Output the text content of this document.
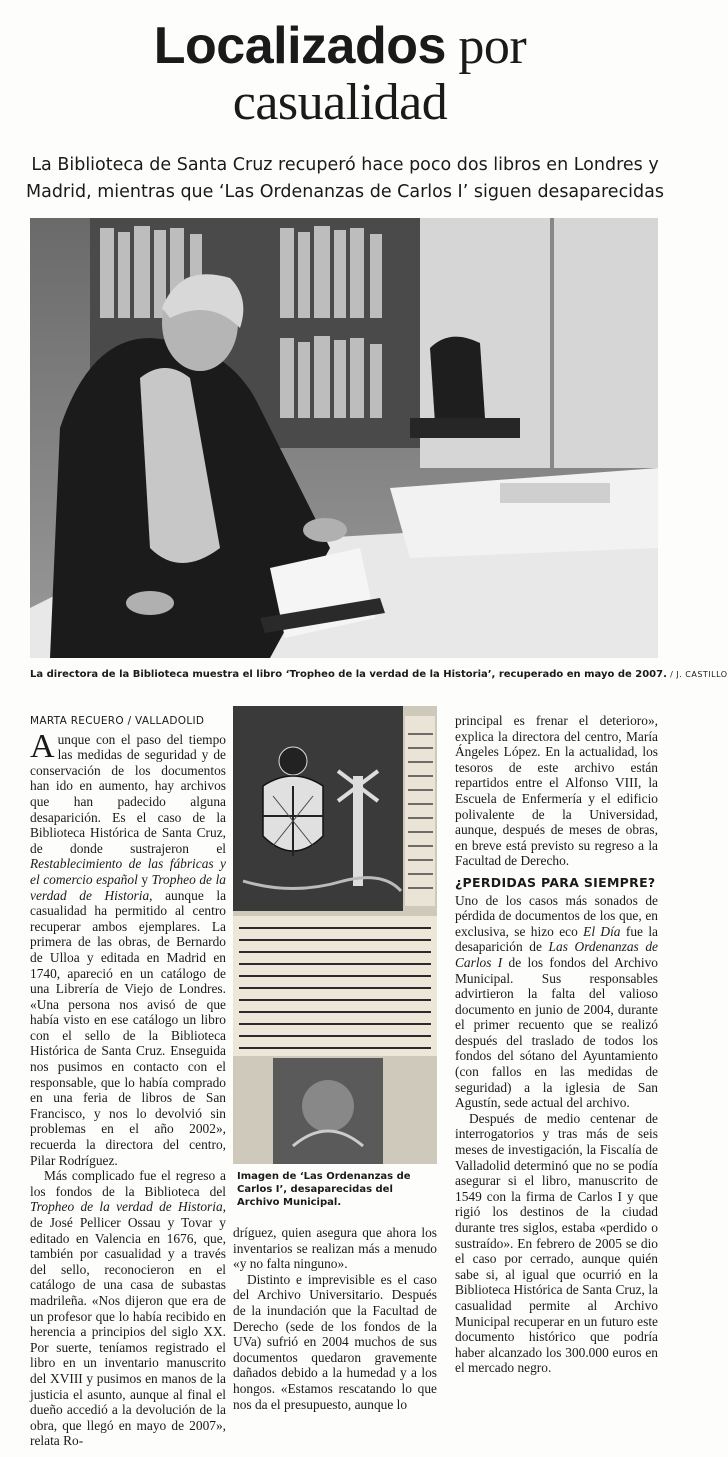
Localizados por
casualidad

La Biblioteca de Santa Cruz recuperó hace poco dos libros en Londres y Madrid, mientras que ‘Las Ordenanzas de Carlos I’ siguen desaparecidas

La directora de la Biblioteca muestra el libro ‘Trophe​o de la verdad de la Historia’, recuperado en mayo de 2007. / J. CASTILLO
MARTA RECUERO / VALLADOLID

Aunque con el paso del tiempo las medidas de seguridad y de conservación de los documentos han ido en aumento, hay archivos que han padecido alguna desaparición. Es el caso de la Biblioteca Histórica de Santa Cruz, de donde sustrajeron el Restablecimiento de las fábricas y el comercio español y Tropheo de la verdad de Historia, aunque la casualidad ha permitido al centro recuperar ambos ejemplares. La primera de las obras, de Bernardo de Ulloa y editada en Madrid en 1740, apareció en un catálogo de una Librería de Viejo de Londres. «Una persona nos avisó de que había visto en ese catálogo un libro con el sello de la Biblioteca Histórica de Santa Cruz. Enseguida nos pusimos en contacto con el responsable, que lo había comprado en una feria de libros de San Francisco, y nos lo devolvió sin problemas en el año 2002», recuerda la directora del centro, Pilar Rodríguez.

Más complicado fue el regreso a los fondos de la Biblioteca del Tropheo de la verdad de Historia, de José Pellicer Ossau y Tovar y editado en Valencia en 1676, que, también por casualidad y a través del sello, reconocieron en el catálogo de una casa de subastas madrileña. «Nos dijeron que era de un profesor que lo había recibido en herencia a principios del siglo XX. Por suerte, teníamos registrado el libro en un inventario manuscrito del XVIII y pusimos en manos de la justicia el asunto, aunque al final el dueño accedió a la devolución de la obra, que llegó en mayo de 2007», relata Ro-

Imagen de ‘Las Ordenanzas de Carlos I’, desaparecidas del Archivo Municipal.

dríguez, quien asegura que ahora los inventarios se realizan más a menudo «y no falta ninguno».

Distinto e imprevisible es el caso del Archivo Universitario. Después de la inundación que la Facultad de Derecho (sede de los fondos de la UVa) sufrió en 2004 muchos de sus documentos quedaron gravemente dañados debido a la humedad y a los hongos. «Estamos rescatando lo que nos da el presupuesto, aunque lo

principal es frenar el deterioro», explica la directora del centro, María Ángeles López. En la actualidad, los tesoros de este archivo están repartidos entre el Alfonso VIII, la Escuela de Enfermería y el edificio polivalente de la Universidad, aunque, después de meses de obras, en breve está previsto su regreso a la Facultad de Derecho.

¿PERDIDAS PARA SIEMPRE?

Uno de los casos más sonados de pérdida de documentos de los que, en exclusiva, se hizo eco El Día fue la desaparición de Las Ordenanzas de Carlos I de los fondos del Archivo Municipal. Sus responsables advirtieron la falta del valioso documento en junio de 2004, durante el primer recuento que se realizó después del traslado de todos los fondos del sótano del Ayuntamiento (con fallos en las medidas de seguridad) a la iglesia de San Agustín, sede actual del archivo.

Después de medio centenar de interrogatorios y tras más de seis meses de investigación, la Fiscalía de Valladolid determinó que no se podía asegurar si el libro, manuscrito de 1549 con la firma de Carlos I y que rigió los destinos de la ciudad durante tres siglos, estaba «perdido o sustraído». En febrero de 2005 se dio el caso por cerrado, aunque quién sabe si, al igual que ocurrió en la Biblioteca Histórica de Santa Cruz, la casualidad permite al Archivo Municipal recuperar en un futuro este documento histórico que podría haber alcanzado los 300.000 euros en el mercado negro.
